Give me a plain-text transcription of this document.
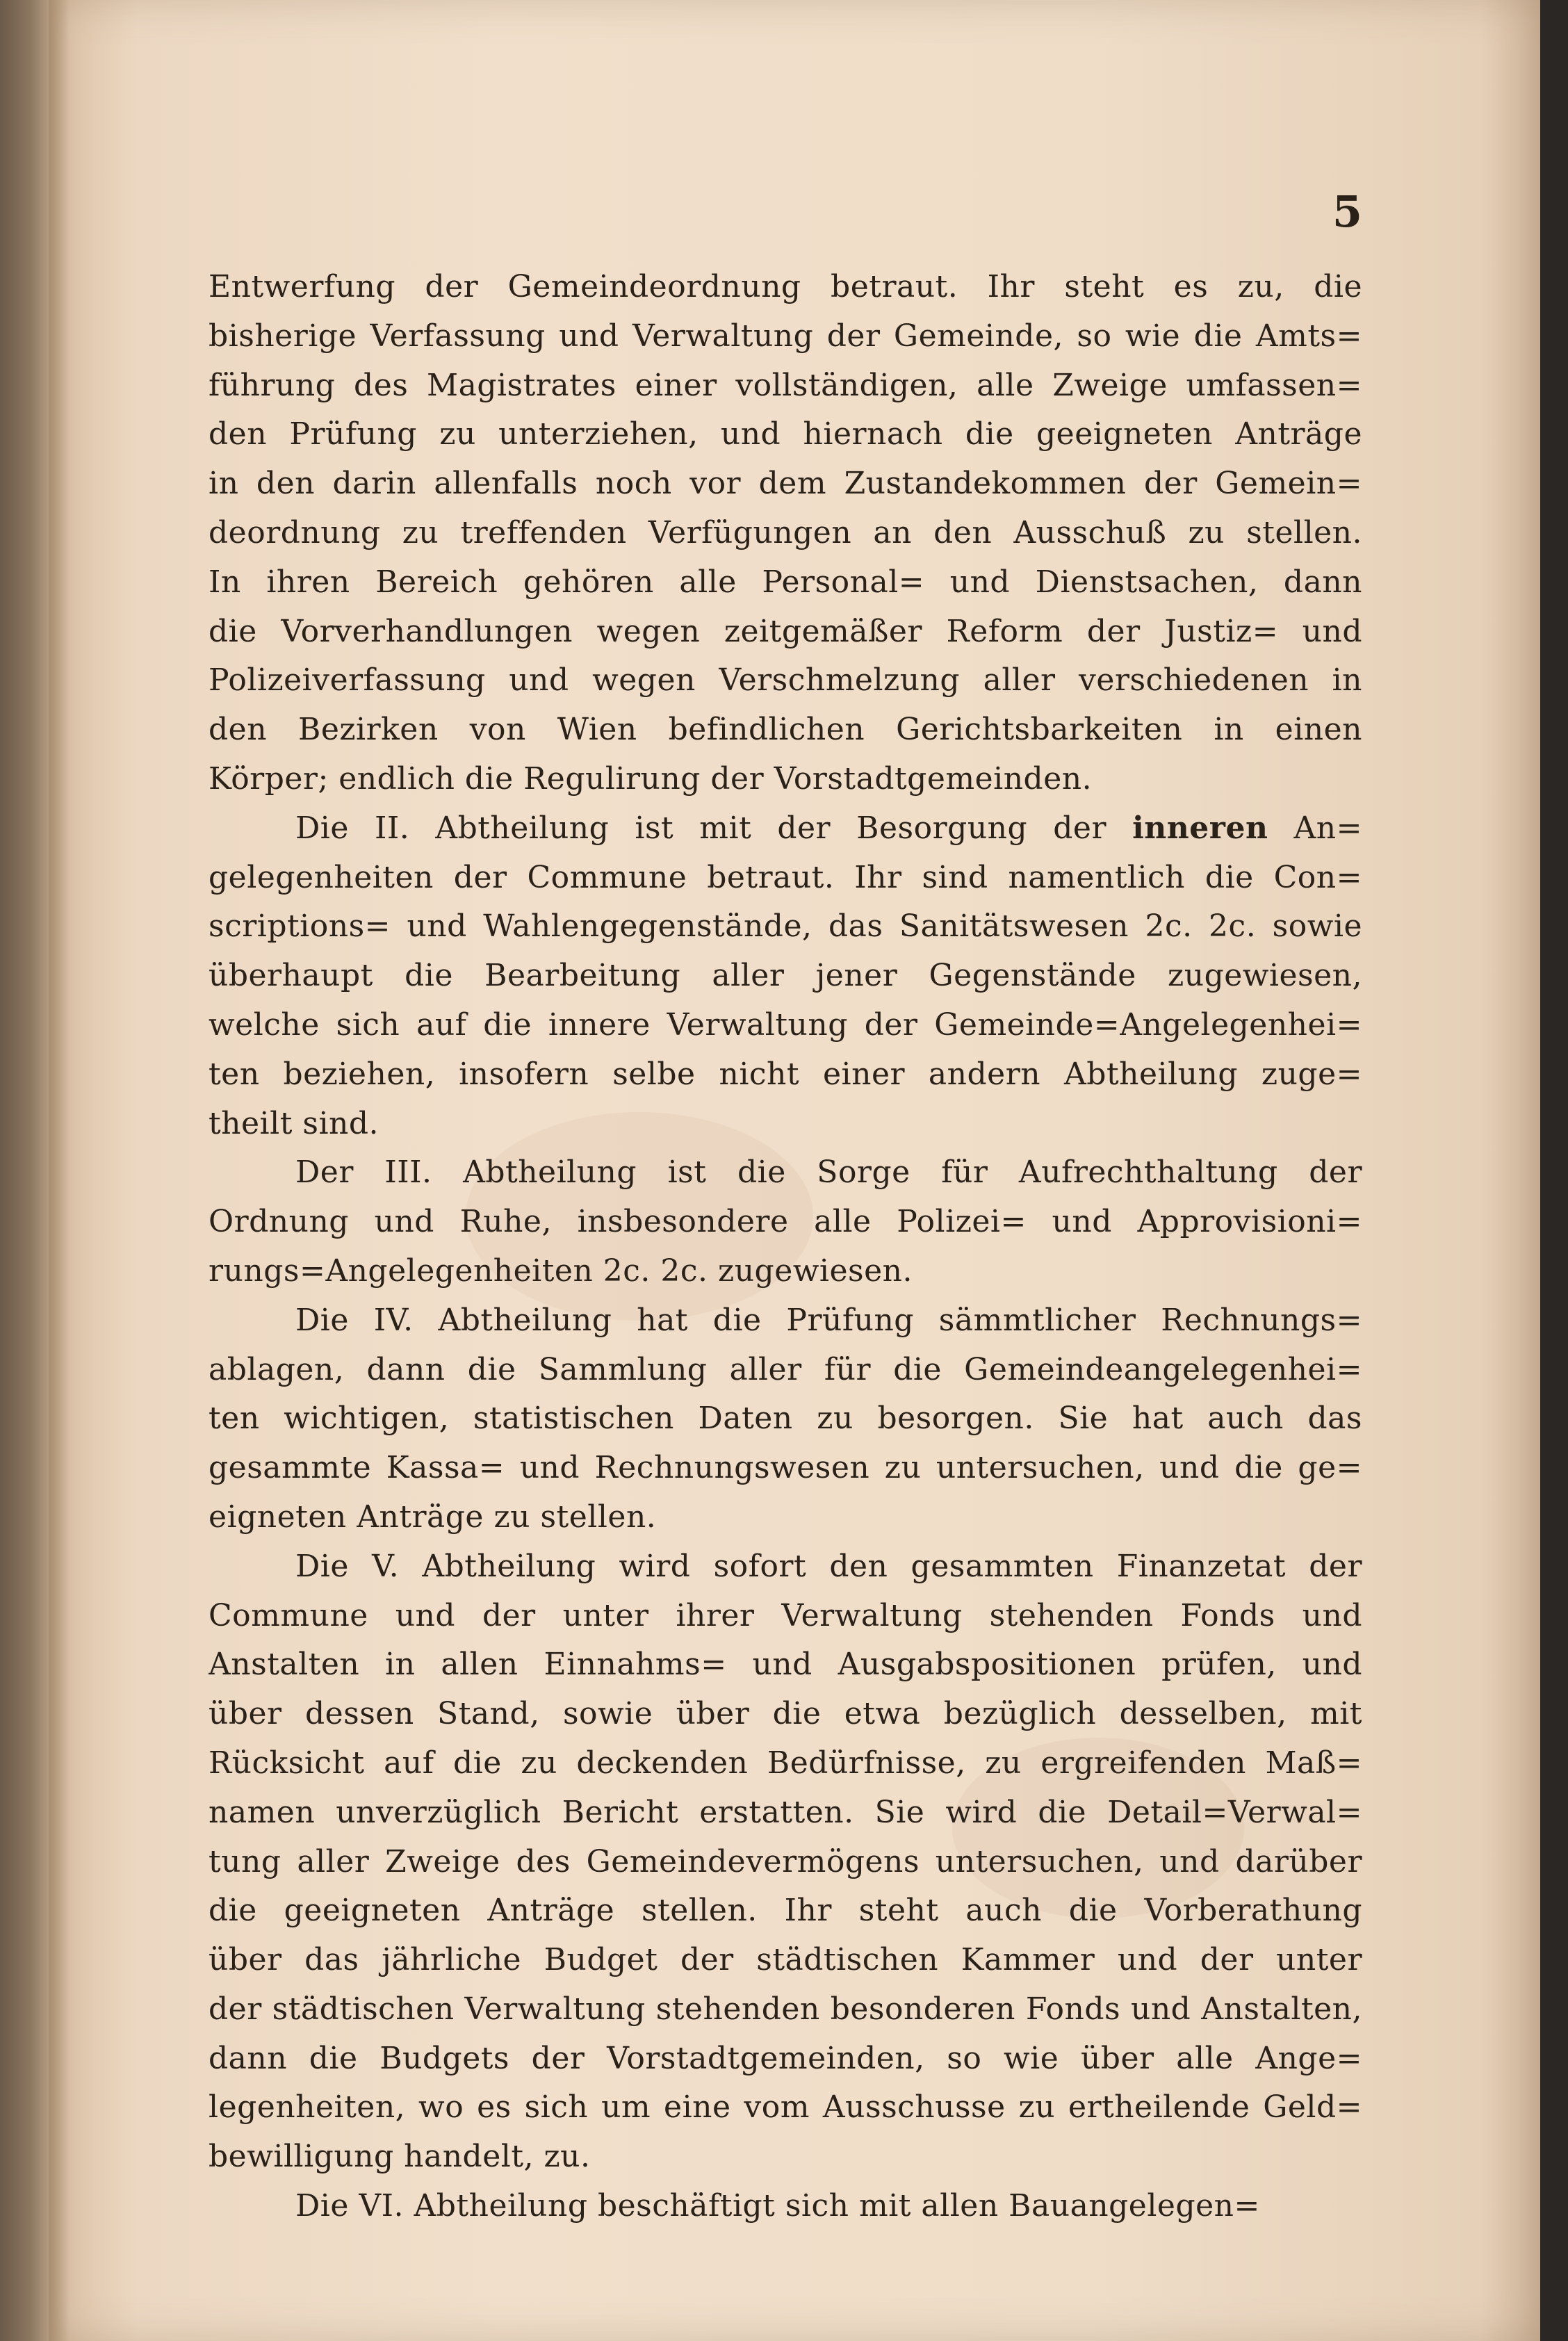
5
Entwerfung der Gemeindeordnung betraut. Ihr steht es zu, die
bisherige Verfassung und Verwaltung der Gemeinde, so wie die Amts=
führung des Magistrates einer vollständigen, alle Zweige umfassen=
den Prüfung zu unterziehen, und hiernach die geeigneten Anträge
in den darin allenfalls noch vor dem Zustandekommen der Gemein=
deordnung zu treffenden Verfügungen an den Ausschuß zu stellen.
In ihren Bereich gehören alle Personal= und Dienstsachen, dann
die Vorverhandlungen wegen zeitgemäßer Reform der Justiz= und
Polizeiverfassung und wegen Verschmelzung aller verschiedenen in
den Bezirken von Wien befindlichen Gerichtsbarkeiten in einen
Körper; endlich die Regulirung der Vorstadtgemeinden.
Die II. Abtheilung ist mit der Besorgung der inneren An=
gelegenheiten der Commune betraut. Ihr sind namentlich die Con=
scriptions= und Wahlengegenstände, das Sanitätswesen 2c. 2c. sowie
überhaupt die Bearbeitung aller jener Gegenstände zugewiesen,
welche sich auf die innere Verwaltung der Gemeinde=Angelegenhei=
ten beziehen, insofern selbe nicht einer andern Abtheilung zuge=
theilt sind.
Der III. Abtheilung ist die Sorge für Aufrechthaltung der
Ordnung und Ruhe, insbesondere alle Polizei= und Approvisioni=
rungs=Angelegenheiten 2c. 2c. zugewiesen.
Die IV. Abtheilung hat die Prüfung sämmtlicher Rechnungs=
ablagen, dann die Sammlung aller für die Gemeindeangelegenhei=
ten wichtigen, statistischen Daten zu besorgen. Sie hat auch das
gesammte Kassa= und Rechnungswesen zu untersuchen, und die ge=
eigneten Anträge zu stellen.
Die V. Abtheilung wird sofort den gesammten Finanzetat der
Commune und der unter ihrer Verwaltung stehenden Fonds und
Anstalten in allen Einnahms= und Ausgabspositionen prüfen, und
über dessen Stand, sowie über die etwa bezüglich desselben, mit
Rücksicht auf die zu deckenden Bedürfnisse, zu ergreifenden Maß=
namen unverzüglich Bericht erstatten. Sie wird die Detail=Verwal=
tung aller Zweige des Gemeindevermögens untersuchen, und darüber
die geeigneten Anträge stellen. Ihr steht auch die Vorberathung
über das jährliche Budget der städtischen Kammer und der unter
der städtischen Verwaltung stehenden besonderen Fonds und Anstalten,
dann die Budgets der Vorstadtgemeinden, so wie über alle Ange=
legenheiten, wo es sich um eine vom Ausschusse zu ertheilende Geld=
bewilligung handelt, zu.
Die VI. Abtheilung beschäftigt sich mit allen Bauangelegen=
